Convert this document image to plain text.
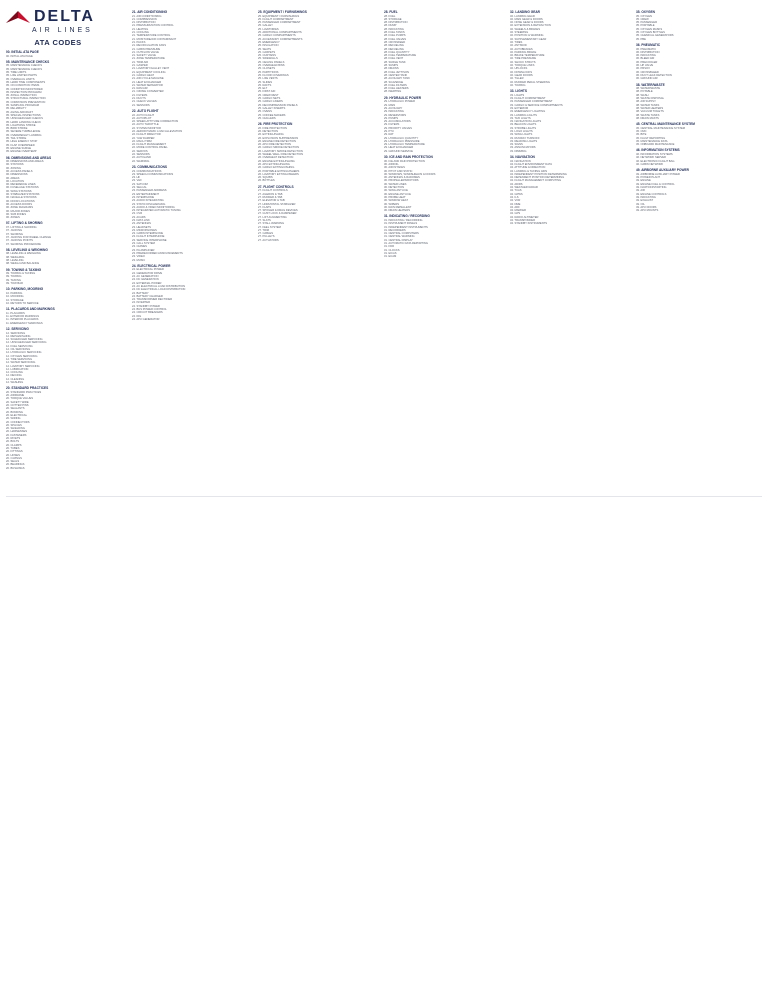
DELTA
AIR LINES
ATA CODES
00. INITIAL ATA PAGE
00. INITIAL ATA PAGE
05. MAINTENANCE CHECKS
05. MAINTENANCE CHECKS
05. MAINTENANCE CHECKS
05. TIME LIMITS
05. LIFE LIMITED PARTS
05. OVERHAUL LIMITS
05. HARD TIME COMPONENTS
05. ON CONDITION ITEMS
05. CONDITION MONITORED
05. INSPECTION PROGRAM
05. ZONAL INSPECTION
05. STRUCTURAL INSPECTION
05. CORROSION PREVENTION
05. SAMPLING PROGRAM
05. RELIABILITY
05. AGING AIRCRAFT
05. SPECIAL INSPECTIONS
05. UNSCHEDULED CHECKS
05. HARD LANDING CHECK
05. LIGHTNING STRIKE
05. BIRD STRIKE
05. SEVERE TURBULENCE
05. OVERWEIGHT LANDING
05. TAIL STRIKE
05. HIGH ENERGY STOP
05. FLAP OVERSPEED
05. ENGINE SURGE
05. ENGINE OVERTEMP
06. DIMENSIONS AND AREAS
06. DIMENSIONS AND AREAS
06. STATIONS
06. ZONING
06. ACCESS PANELS
06. DIMENSIONS
06. AREAS
06. LOCATION
06. REFERENCE LINES
06. FUSELAGE STATIONS
06. WING STATIONS
06. STABILIZER STATIONS
06. NACELLE STATIONS
06. DOOR LOCATIONS
06. ACCESS DOORS
06. ZONE DIAGRAMS
06. MAJOR ZONES
06. SUB ZONES
06. ZONES
07. LIFTING & SHORING
07. LIFTING & SHORING
07. JACKING
07. SHORING
07. JACKING FOR WHEEL CHANGE
07. JACKING POINTS
07. SHORING PROCEDURE
08. LEVELING & WEIGHING
08. LEVELING & WEIGHING
08. WEIGHING
08. LEVELING
08. WEIGH AND BALANCE
09. TOWING & TAXIING
09. TOWING & TAXIING
09. TOWING
09. TAXIING
09. TOW BAR
10. PARKING, MOORING
10. PARKING
10. MOORING
10. STORAGE
10. RETURN TO SERVICE
11. PLACARDS AND MARKINGS
11. PLACARDS
11. EXTERIOR MARKINGS
11. INTERIOR PLACARDS
11. EMERGENCY MARKINGS
12. SERVICING
12. SERVICING
12. REPLENISHING
12. SCHEDULED SERVICING
12. UNSCHEDULED SERVICING
12. FUEL SERVICING
12. OIL SERVICING
12. HYDRAULIC SERVICING
12. OXYGEN SERVICING
12. TIRE SERVICING
12. WATER SERVICING
12. LAVATORY SERVICING
12. LUBRICATION
12. COOLING
12. DEICING
12. CLEANING
12. WASHING
20. STANDARD PRACTICES
20. STANDARD PRACTICES
20. AIRFRAME
20. TORQUE VALUES
20. SAFETY WIRE
20. COTTER PINS
20. SEALANTS
20. BONDING
20. ELECTRICAL
20. WIRING
20. CONNECTORS
20. SPLICES
20. SHIELDING
20. HARNESSES
20. FASTENERS
20. RIVETS
20. BOLTS
20. CLAMPS
20. TUBES
20. FITTINGS
20. HOSES
20. O-RINGS
20. SEALS
20. BEARINGS
20. BUSHINGS
21. AIR CONDITIONING
21. AIR CONDITIONING
21. COMPRESSION
21. DISTRIBUTION
21. PRESSURIZATION CONTROL
21. HEATING
21. COOLING
21. TEMPERATURE CONTROL
21. MOISTURE/AIR CONTAMINANT
21. PACKS
21. RECIRCULATION FANS
21. CABIN PRESSURE
21. OUTFLOW VALVE
21. SAFETY VALVE
21. ZONE TEMPERATURE
21. TRIM AIR
21. GASPER
21. LAVATORY/GALLEY VENT
21. EQUIPMENT COOLING
21. CARGO HEAT
21. AIR CYCLE MACHINE
21. HEAT EXCHANGER
21. WATER SEPARATOR
21. RAM AIR
21. OZONE CONVERTER
21. FILTERS
21. DUCTS
21. CHECK VALVES
21. SENSORS
22. AUTO FLIGHT
22. AUTO FLIGHT
22. AUTOPILOT
22. SPEED-ATTITUDE CORRECTION
22. AUTO THROTTLE
22. SYSTEM MONITOR
22. AERODYNAMIC LOAD ALLEVIATION
22. FLIGHT DIRECTOR
22. YAW DAMPER
22. MACH TRIM
22. FLIGHT MANAGEMENT
22. MODE CONTROL PANEL
22. SERVOS
22. SENSORS
22. AUTOLAND
22. WARNING
23. COMMUNICATIONS
23. COMMUNICATIONS
23. SPEECH COMMUNICATIONS
23. HF
23. VHF
23. SATCOM
23. SELCAL
23. PASSENGER ADDRESS
23. ENTERTAINMENT
23. INTERPHONE
23. AUDIO INTEGRATING
23. STATIC DISCHARGING
23. AUDIO & VIDEO MONITORING
23. INTEGRATED AUTOMATIC TUNING
23. CVR
23. ACARS
23. DATA LINK
23. ANTENNAS
23. HEADSETS
23. MICROPHONES
23. CABIN INTERPHONE
23. FLIGHT INTERPHONE
23. SERVICE INTERPHONE
23. CALL SYSTEM
23. CHIMES
23. PA AMPLIFIER
23. PRERECORDED ANNOUNCEMENTS
23. VIDEO
23. MUSIC
24. ELECTRICAL POWER
24. ELECTRICAL POWER
24. GENERATOR DRIVE
24. AC GENERATION
24. DC GENERATION
24. EXTERNAL POWER
24. AC ELECTRICAL LOAD DISTRIBUTION
24. DC ELECTRICAL LOAD DISTRIBUTION
24. BATTERY
24. BATTERY CHARGER
24. TRANSFORMER RECTIFIER
24. INVERTER
24. STANDBY POWER
24. BUS POWER CONTROL
24. CIRCUIT BREAKERS
24. IDG
24. APU GENERATOR
25. EQUIPMENT / FURNISHINGS
25. EQUIPMENT / FURNISHINGS
25. FLIGHT COMPARTMENT
25. PASSENGER COMPARTMENT
25. GALLEY
25. LAVATORIES
25. ADDITIONAL COMPARTMENTS
25. CARGO COMPARTMENTS
25. ACCESSORY COMPARTMENTS
25. EMERGENCY
25. INSULATION
25. SEATS
25. CARPETS
25. CURTAINS
25. SIDEWALLS
25. CEILING PANELS
25. OVERHEAD BINS
25. CLOSETS
25. PARTITIONS
25. FLOOR COVERINGS
25. LIFE VESTS
25. SLIDES
25. RAFTS
25. ELT
25. FIRST AID
25. CREW REST
25. CARGO NETS
25. CARGO LINERS
25. DECOMPRESSION PANELS
25. GALLEY INSERTS
25. OVENS
25. COFFEE MAKERS
25. CHILLERS
26. FIRE PROTECTION
26. FIRE PROTECTION
26. DETECTION
26. EXTINGUISHING
26. EXPLOSION SUPPRESSION
26. ENGINE FIRE DETECTION
26. APU FIRE DETECTION
26. CARGO SMOKE DETECTION
26. LAVATORY SMOKE DETECTION
26. WHEEL WELL FIRE DETECTION
26. OVERHEAT DETECTION
26. ENGINE EXTINGUISHING
26. APU EXTINGUISHING
26. CARGO EXTINGUISHING
26. PORTABLE EXTINGUISHERS
26. LAVATORY EXTINGUISHERS
26. SQUIBS
26. BOTTLES
27. FLIGHT CONTROLS
27. FLIGHT CONTROLS
27. AILERON & TAB
27. RUDDER & TAB
27. ELEVATOR & TAB
27. HORIZONTAL STABILIZER
27. FLAPS
27. SPOILER & DRAG DEVICES
27. GUST LOCK & DAMPENER
27. LIFT AUGMENTING
27. SLATS
27. STALL WARNING
27. FEEL SYSTEM
27. TRIM
27. CABLES
27. PULLEYS
27. ACTUATORS
28. FUEL
28. FUEL
28. STORAGE
28. DISTRIBUTION
28. DUMP
28. INDICATING
28. FUEL TANKS
28. FUEL PUMPS
28. FUEL VALVES
28. CROSSFEED
28. REFUELING
28. DEFUELING
28. FUEL QUANTITY
28. FUEL TEMPERATURE
28. FUEL VENT
28. SURGE TANK
28. SUMPS
28. DRAINS
28. FUEL JETTISON
28. CENTER TANK
28. AUXILIARY TANK
28. SCAVENGE
28. FUEL FILTERS
28. FUEL HEATERS
28. INERTING
29. HYDRAULIC POWER
29. HYDRAULIC POWER
29. MAIN
29. AUXILIARY
29. INDICATING
29. RESERVOIRS
29. PUMPS
29. ACCUMULATORS
29. FILTERS
29. PRIORITY VALVES
29. PTU
29. RAT
29. HYDRAULIC QUANTITY
29. HYDRAULIC PRESSURE
29. HYDRAULIC TEMPERATURE
29. HEAT EXCHANGER
29. GROUND SERVICE
30. ICE AND RAIN PROTECTION
30. ICE AND RAIN PROTECTION
30. AIRFOIL
30. AIR INTAKES
30. PITOT AND STATIC
30. WINDOWS, WINDSHIELDS & DOORS
30. ANTENNAS & RADOMES
30. PROPELLERS/ROTORS
30. WATER LINES
30. DETECTION
30. WING ANTI-ICE
30. ENGINE ANTI-ICE
30. PROBE HEAT
30. WINDOW HEAT
30. WIPERS
30. RAIN REPELLENT
30. DRAIN HEATERS
31. INDICATING / RECORDING
31. INDICATING / RECORDING
31. INSTRUMENT PANELS
31. INDEPENDENT INSTRUMENTS
31. RECORDERS
31. CENTRAL COMPUTERS
31. CENTRAL WARNING
31. CENTRAL DISPLAY
31. AUTOMATIC DATA REPORTING
31. FDR
31. CLOCKS
31. EICAS
31. ECAM
32. LANDING GEAR
32. LANDING GEAR
32. MAIN GEAR & DOORS
32. NOSE GEAR & DOORS
32. EXTENSION & RETRACTION
32. WHEELS & BRAKES
32. STEERING
32. POSITION & WARNING
32. SUPPLEMENTARY GEAR
32. TIRES
32. ANTISKID
32. AUTOBRAKES
32. PARKING BRAKE
32. BRAKE TEMPERATURE
32. TIRE PRESSURE
32. SHOCK STRUTS
32. TORQUE LINKS
32. UPLOCKS
32. DOWNLOCKS
32. GEAR DOORS
32. TILLER
32. RUDDER PEDAL STEERING
32. TOWING
33. LIGHTS
33. LIGHTS
33. FLIGHT COMPARTMENT
33. PASSENGER COMPARTMENT
33. CARGO & SERVICE COMPARTMENTS
33. EXTERIOR
33. EMERGENCY LIGHTING
33. LANDING LIGHTS
33. TAXI LIGHTS
33. NAVIGATION LIGHTS
33. BEACON LIGHTS
33. STROBE LIGHTS
33. LOGO LIGHTS
33. WING LIGHTS
33. RUNWAY TURNOFF
33. READING LIGHTS
33. SIGNS
33. ANNUNCIATORS
33. DIMMING
34. NAVIGATION
34. NAVIGATION
34. FLIGHT ENVIRONMENT DATA
34. ATTITUDE & DIRECTION
34. LANDING & TAXIING AIDS
34. INDEPENDENT POSITION DETERMINING
34. DEPENDENT POSITION DETERMINING
34. FLIGHT MANAGEMENT COMPUTING
34. ADIRS
34. WEATHER RADAR
34. TCAS
34. GPWS
34. ILS
34. VOR
34. DME
34. ADF
34. MARKER
34. GPS
34. RADIO ALTIMETER
34. TRANSPONDER
34. STANDBY INSTRUMENTS
35. OXYGEN
35. OXYGEN
35. CREW
35. PASSENGER
35. PORTABLE
35. OXYGEN MASKS
35. OXYGEN BOTTLES
35. CHEMICAL GENERATORS
35. PBE
36. PNEUMATIC
36. PNEUMATIC
36. DISTRIBUTION
36. INDICATING
36. BLEED AIR
36. PRECOOLER
36. HP VALVE
36. PRSOV
36. CROSSBLEED
36. DUCT LEAK DETECTION
36. GROUND AIR
38. WATER/WASTE
38. WATER/WASTE
38. POTABLE
38. WASH
38. WASTE DISPOSAL
38. AIR SUPPLY
38. WATER TANKS
38. WATER HEATERS
38. VACUUM TOILETS
38. WASTE TANKS
38. DRAIN MASTS
45. CENTRAL MAINTENANCE SYSTEM
45. CENTRAL MAINTENANCE SYSTEM
45. CMC
45. BITE
45. FAULT REPORTING
45. MAINTENANCE DATA
45. ONBOARD MAINTENANCE
46. INFORMATION SYSTEMS
46. INFORMATION SYSTEMS
46. NETWORK SERVER
46. ELECTRONIC FLIGHT BAG
46. CABIN NETWORK
49. AIRBORNE AUXILIARY POWER
49. AIRBORNE AUXILIARY POWER
49. POWER PLANT
49. ENGINE
49. ENGINE FUEL & CONTROL
49. IGNITION/STARTING
49. AIR
49. ENGINE CONTROLS
49. INDICATING
49. EXHAUST
49. OIL
49. APU DOORS
49. APU MOUNTS
